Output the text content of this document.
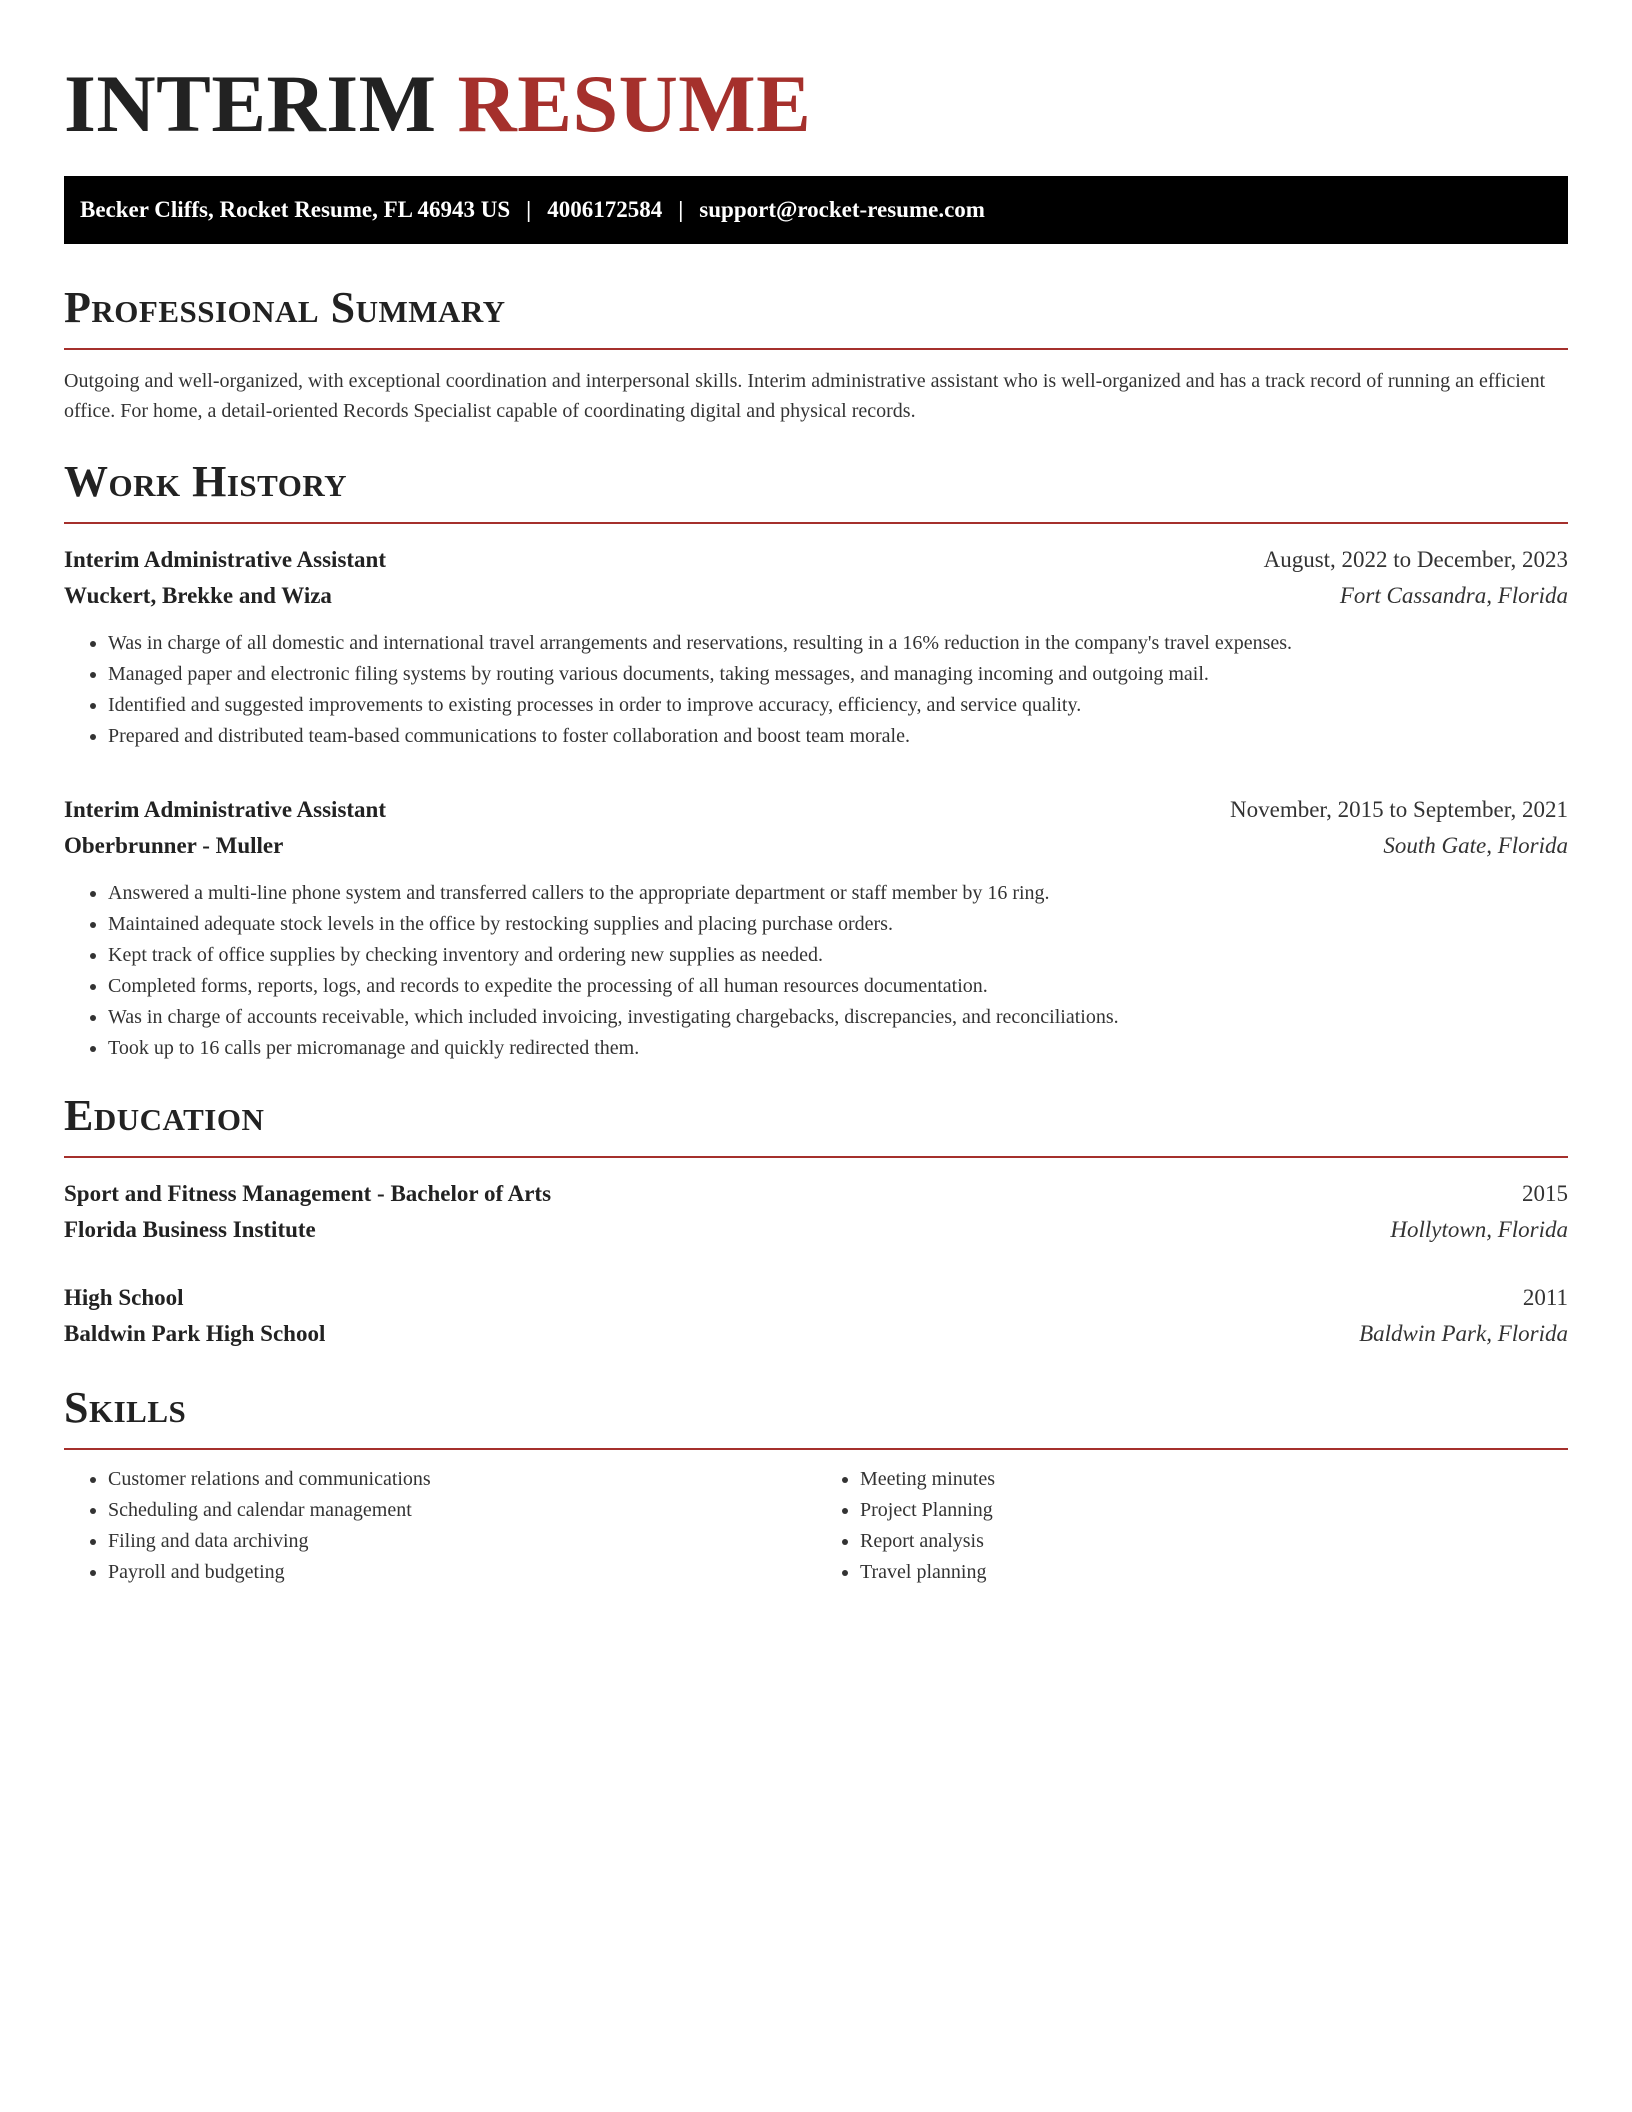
INTERIM RESUME
Becker Cliffs, Rocket Resume, FL 46943 US | 4006172584 | support@rocket-resume.com
Professional Summary

Outgoing and well-organized, with exceptional coordination and interpersonal skills. Interim administrative assistant who is well-organized and has a track record of running an efficient office. For home, a detail-oriented Records Specialist capable of coordinating digital and physical records.

Work History
Interim Administrative Assistant	August, 2022 to December, 2023
Wuckert, Brekke and Wiza	Fort Cassandra, Florida
• Was in charge of all domestic and international travel arrangements and reservations, resulting in a 16% reduction in the company's travel expenses.
• Managed paper and electronic filing systems by routing various documents, taking messages, and managing incoming and outgoing mail.
• Identified and suggested improvements to existing processes in order to improve accuracy, efficiency, and service quality.
• Prepared and distributed team-based communications to foster collaboration and boost team morale.
Interim Administrative Assistant	November, 2015 to September, 2021
Oberbrunner - Muller	South Gate, Florida
• Answered a multi-line phone system and transferred callers to the appropriate department or staff member by 16 ring.
• Maintained adequate stock levels in the office by restocking supplies and placing purchase orders.
• Kept track of office supplies by checking inventory and ordering new supplies as needed.
• Completed forms, reports, logs, and records to expedite the processing of all human resources documentation.
• Was in charge of accounts receivable, which included invoicing, investigating chargebacks, discrepancies, and reconciliations.
• Took up to 16 calls per micromanage and quickly redirected them.
Education
Sport and Fitness Management - Bachelor of Arts	2015
Florida Business Institute	Hollytown, Florida
High School	2011
Baldwin Park High School	Baldwin Park, Florida
Skills
• Customer relations and communications
• Scheduling and calendar management
• Filing and data archiving
• Payroll and budgeting
• Meeting minutes
• Project Planning
• Report analysis
• Travel planning
